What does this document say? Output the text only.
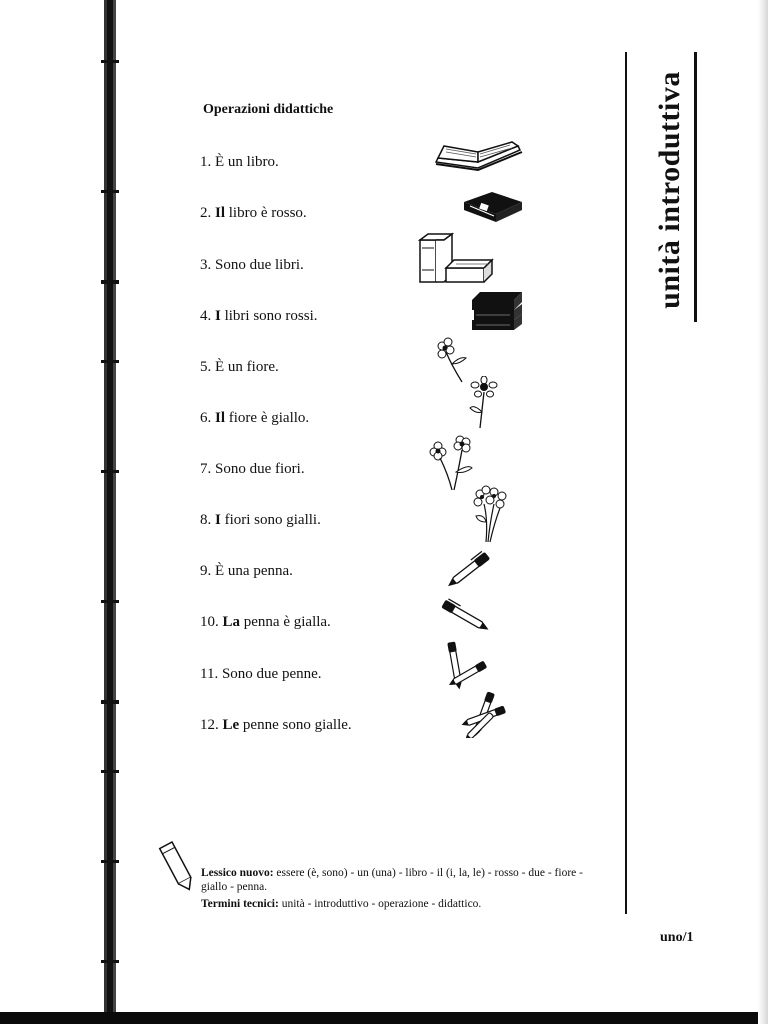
Operazioni didattiche
1. È un libro.
2. Il libro è rosso.
3. Sono due libri.
4. I libri sono rossi.
5. È un fiore.
6. Il fiore è giallo.
7. Sono due fiori.
8. I fiori sono gialli.
9. È una penna.
10. La penna è gialla.
11. Sono due penne.
12. Le penne sono gialle.
unità introduttiva

Lessico nuovo: essere (è, sono) - un (una) - libro - il (i, la, le) - rosso - due - fiore - giallo - penna.

Termini tecnici: unità - introduttivo - operazione - didattico.

uno/1
